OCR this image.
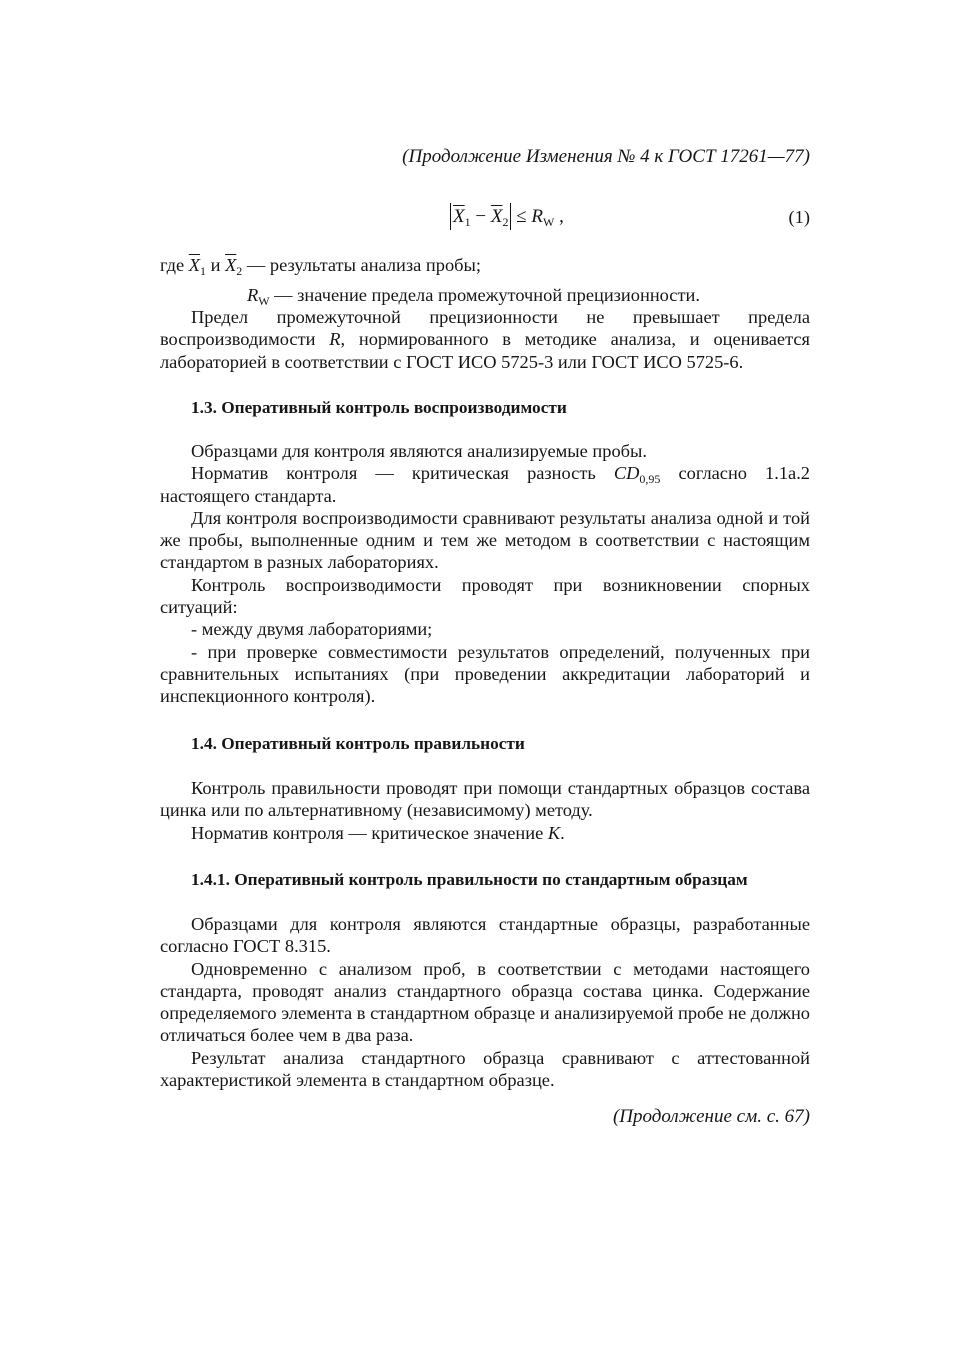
(Продолжение Изменения № 4 к ГОСТ 17261—77)
$\overline{X}_1 - \overline{X}_2 \le R_W$ ,	(1)
где $\overline{X}_1$ и $\overline{X}_2$ — результаты анализа пробы;
$R_W$ — значение предела промежуточной прецизионности.

Предел промежуточной прецизионности не превышает предела воспроизводимости R, нормированного в методике анализа, и оценивается лабораторией в соответствии с ГОСТ ИСО 5725-3 или ГОСТ ИСО 5725-6.

1.3. Оперативный контроль воспроизводимости

Образцами для контроля являются анализируемые пробы.

Норматив контроля — критическая разность $CD_{0,95}$ согласно 1.1а.2 настоящего стандарта.

Для контроля воспроизводимости сравнивают результаты анализа одной и той же пробы, выполненные одним и тем же методом в соответствии с настоящим стандартом в разных лабораториях.

Контроль воспроизводимости проводят при возникновении спорных ситуаций:

- между двумя лабораториями;

- при проверке совместимости результатов определений, полученных при сравнительных испытаниях (при проведении аккредитации лабораторий и инспекционного контроля).

1.4. Оперативный контроль правильности

Контроль правильности проводят при помощи стандартных образцов состава цинка или по альтернативному (независимому) методу.

Норматив контроля — критическое значение K.

1.4.1. Оперативный контроль правильности по стандартным образцам

Образцами для контроля являются стандартные образцы, разработанные согласно ГОСТ 8.315.

Одновременно с анализом проб, в соответствии с методами настоящего стандарта, проводят анализ стандартного образца состава цинка. Содержание определяемого элемента в стандартном образце и анализируемой пробе не должно отличаться более чем в два раза.

Результат анализа стандартного образца сравнивают с аттестованной характеристикой элемента в стандартном образце.

(Продолжение см. с. 67)
